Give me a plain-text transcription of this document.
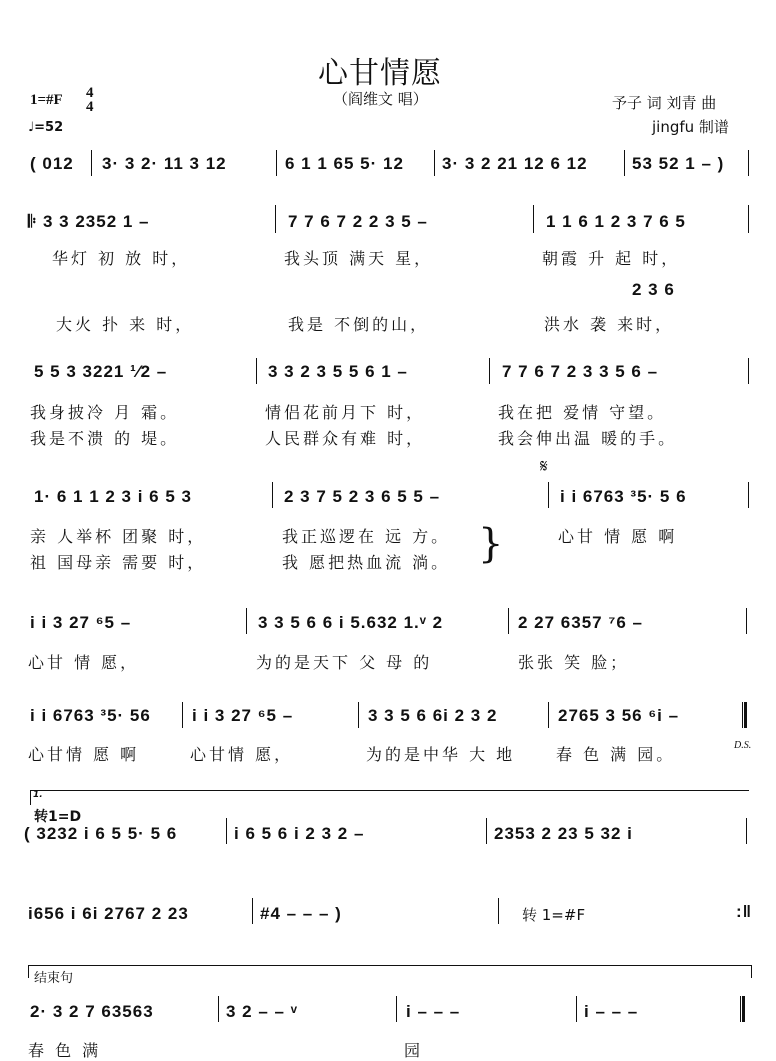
心甘情愿
（阎维文 唱）
1=#F 4
4
♩=52
予子 词 刘青 曲
jingfu 制谱
( 012 3· 3 2· 11 3 12	6 1 1 65 5· 12 3· 3 2 21 12 6 12	53 52 1 – )
𝄆 3 3 2352 1 –	7 7 6 7 2 2 3 5 –	1 1 6 1 2 3 7 6 5
华灯 初 放 时，	我头顶 满天 星，	朝霞 升 起 时，
2 3 6
大火 扑 来 时，	我是 不倒的山，	洪水 袭 来时，
5 5 3 3221 ¹⁄2 –	3 3 2 3 5 5 6 1 –	7 7 6 7 2 3 3 5 6 –
我身披冷 月 霜。	情侣花前月下 时，	我在把 爱情 守望。
我是不溃 的 堤。	人民群众有难 时，	我会伸出温 暖的手。
1· 6 1 1 2 3 i 6 5 3	2 3 7 5 2 3 6 5 5 –
𝄋
i i 6763 ³5· 5 6
亲 人举杯 团聚 时，	我正巡逻在 远 方。	心甘 情 愿 啊
祖 国母亲 需要 时，	我 愿把热血流 淌。 }
i i 3 27 ⁶5 –	3 3 5 6 6 i 5.632 1.ᵛ 2	2 27 6357 ⁷6 –
心甘 情 愿，	为的是天下 父 母 的	张张 笑 脸；
i i 6763 ³5· 56 i i 3 27 ⁶5 –	3 3 5 6 6i 2 3 2	2765 3 56 ⁶i –
心甘情 愿 啊	心甘情 愿，	为的是中华 大 地	春 色 满 园。	D.S.
1.
转1=D
( 3232 i 6 5 5· 5 6	i 6 5 6 i 2 3 2 –	2353 2 23 5 32 i
i656 i 6i 2767 2 23	#4 – – – )	转 1=#F	:‖
结束句
2· 3 2 7 63563	3 2 – – ᵛ	i – – –	i – – –
春 色 满	园
